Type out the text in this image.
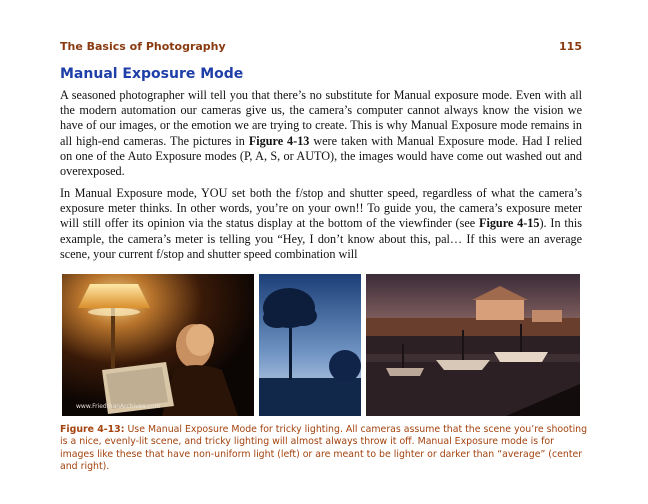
The Basics of Photography	115
Manual Exposure Mode

A seasoned photographer will tell you that there’s no substitute for Manual exposure mode. Even with all the modern automation our cameras give us, the camera’s computer cannot always know the vision we have of our images, or the emotion we are trying to create. This is why Manual Exposure mode remains in all high-end cameras. The pictures in Figure 4-13 were taken with Manual Exposure mode. Had I relied on one of the Auto Exposure modes (P, A, S, or AUTO), the images would have come out washed out and overexposed.

In Manual Exposure mode, YOU set both the f/stop and shutter speed, regardless of what the camera’s exposure meter thinks. In other words, you’re on your own!! To guide you, the camera’s exposure meter will still offer its opinion via the status display at the bottom of the viewfinder (see Figure 4-15). In this example, the camera’s meter is telling you “Hey, I don’t know about this, pal… If this were an average scene, your current f/stop and shutter speed combination will

www.FriedmanArchives.com

Figure 4-13: Use Manual Exposure Mode for tricky lighting. All cameras assume that the scene you’re shooting is a nice, evenly-lit scene, and tricky lighting will almost always throw it off. Manual Exposure mode is for images like these that have non-uniform light (left) or are meant to be lighter or darker than “average” (center and right).
